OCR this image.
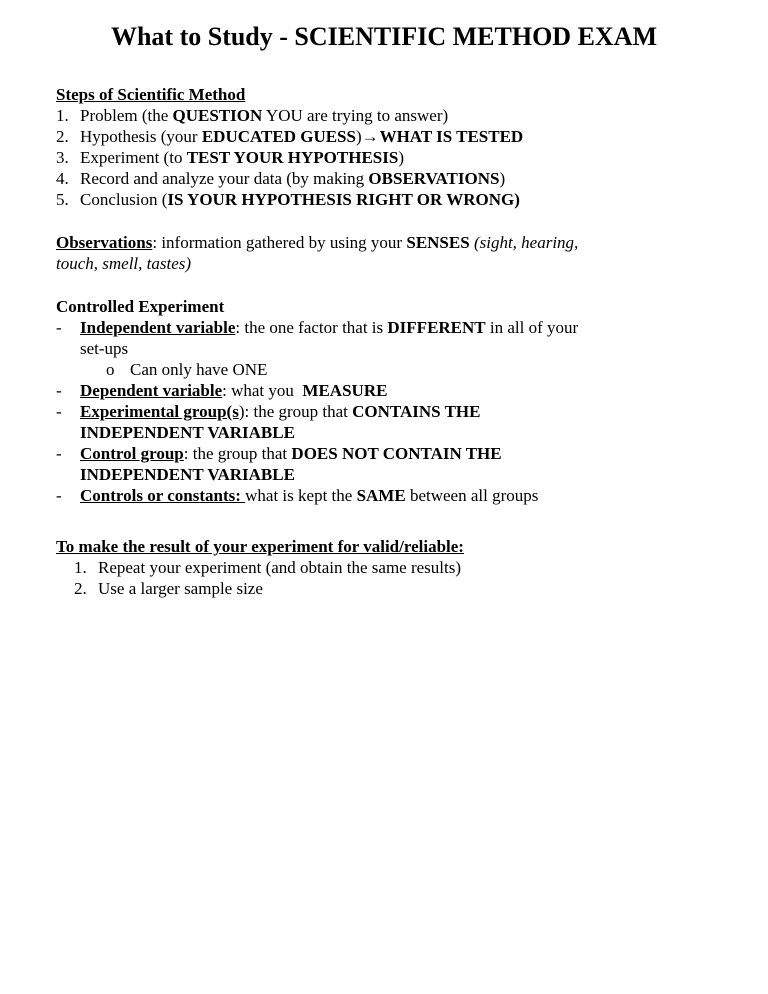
What to Study - SCIENTIFIC METHOD EXAM
Steps of Scientific Method
1. Problem (the QUESTION YOU are trying to answer)
2. Hypothesis (your EDUCATED GUESS)→ WHAT IS TESTED
3. Experiment (to TEST YOUR HYPOTHESIS)
4. Record and analyze your data (by making OBSERVATIONS)
5. Conclusion (IS YOUR HYPOTHESIS RIGHT OR WRONG)
Observations: information gathered by using your SENSES (sight, hearing,
touch, smell, tastes)
Controlled Experiment
- Independent variable: the one factor that is DIFFERENT in all of your
set-ups
o Can only have ONE
- Dependent variable: what you  MEASURE
- Experimental group(s): the group that CONTAINS THE
INDEPENDENT VARIABLE
- Control group: the group that DOES NOT CONTAIN THE
INDEPENDENT VARIABLE
- Controls or constants: what is kept the SAME between all groups
To make the result of your experiment for valid/reliable:
1. Repeat your experiment (and obtain the same results)
2. Use a larger sample size
